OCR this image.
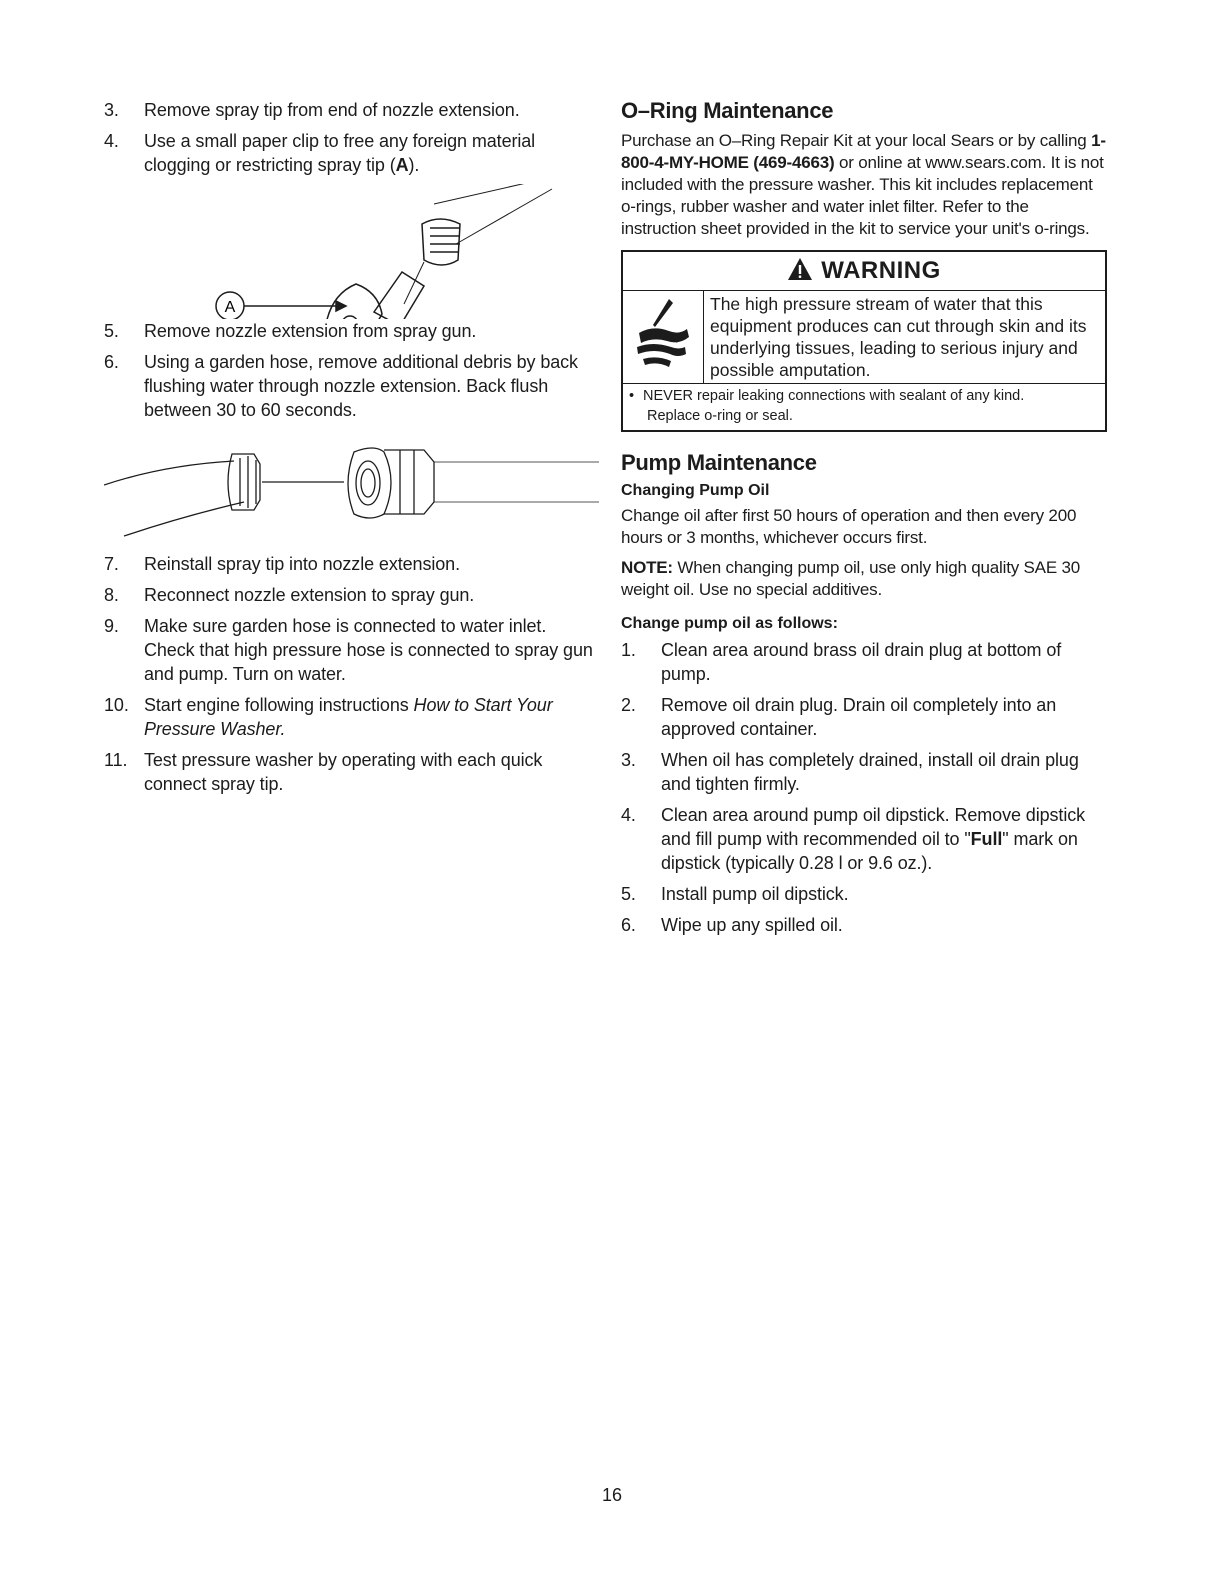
3. Remove spray tip from end of nozzle extension.
4. Use a small paper clip to free any foreign material clogging or restricting spray tip (A).
A
5. Remove nozzle extension from spray gun.
6. Using a garden hose, remove additional debris by back flushing water through nozzle extension. Back flush between 30 to 60 seconds.
7. Reinstall spray tip into nozzle extension.
8. Reconnect nozzle extension to spray gun.
9. Make sure garden hose is connected to water inlet. Check that high pressure hose is connected to spray gun and pump. Turn on water.
10. Start engine following instructions How to Start Your Pressure Washer.
11. Test pressure washer by operating with each quick connect spray tip.
O–Ring Maintenance

Purchase an O–Ring Repair Kit at your local Sears or by calling 1-800-4-MY-HOME (469-4663) or online at www.sears.com. It is not included with the pressure washer. This kit includes replacement o-rings, rubber washer and water inlet filter. Refer to the instruction sheet provided in the kit to service your unit's o-rings.

WARNING
The high pressure stream of water that this equipment produces can cut through skin and its underlying tissues, leading to serious injury and possible amputation.
• NEVER repair leaking connections with sealant of any kind.
Replace o-ring or seal.
Pump Maintenance
Changing Pump Oil

Change oil after first 50 hours of operation and then every 200 hours or 3 months, whichever occurs first.

NOTE: When changing pump oil, use only high quality SAE 30 weight oil. Use no special additives.

Change pump oil as follows:
1. Clean area around brass oil drain plug at bottom of pump.
2. Remove oil drain plug. Drain oil completely into an approved container.
3. When oil has completely drained, install oil drain plug and tighten firmly.
4. Clean area around pump oil dipstick. Remove dipstick and fill pump with recommended oil to "Full" mark on dipstick (typically 0.28 l or 9.6 oz.).
5. Install pump oil dipstick.
6. Wipe up any spilled oil.
16
